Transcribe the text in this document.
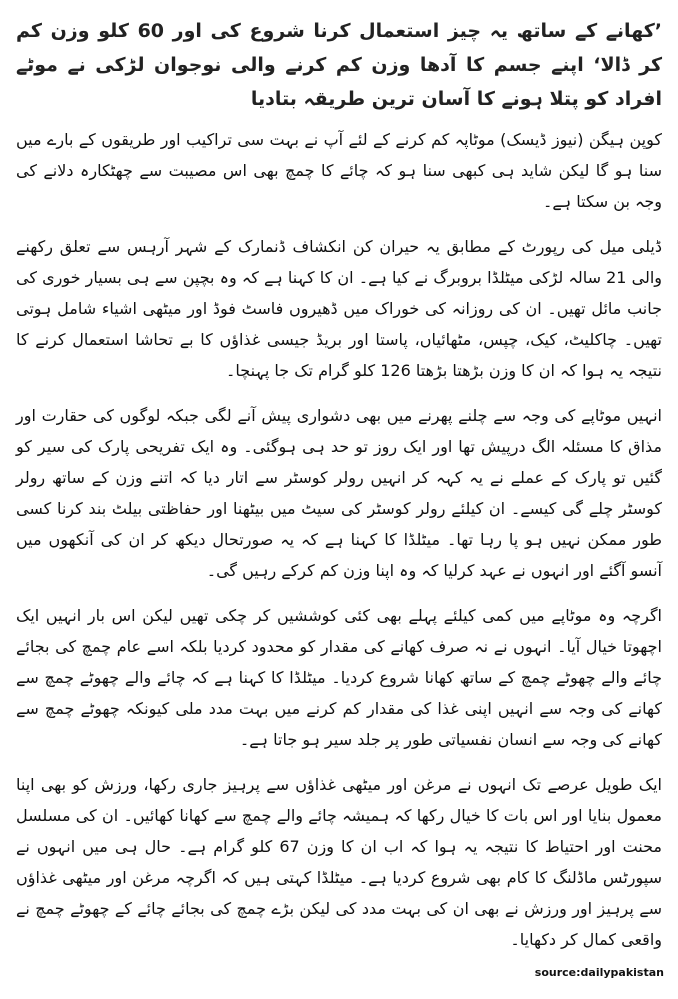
’کھانے کے ساتھ یہ چیز استعمال کرنا شروع کی اور 60 کلو وزن کم کر ڈالا‘ اپنے جسم کا آدھا وزن کم کرنے والی نوجوان لڑکی نے موٹے افراد کو پتلا ہونے کا آسان ترین طریقہ بتادیا

کوپن ہیگن (نیوز ڈیسک) موٹاپہ کم کرنے کے لئے آپ نے بہت سی تراکیب اور طریقوں کے بارے میں سنا ہو گا لیکن شاید ہی کبھی سنا ہو کہ چائے کا چمچ بھی اس مصیبت سے چھٹکارہ دلانے کی وجہ بن سکتا ہے۔

ڈیلی میل کی رپورٹ کے مطابق یہ حیران کن انکشاف ڈنمارک کے شہر آرہس سے تعلق رکھنے والی 21 سالہ لڑکی میٹلڈا بروبرگ نے کیا ہے۔ ان کا کہنا ہے کہ وہ بچپن سے ہی بسیار خوری کی جانب مائل تھیں۔ ان کی روزانہ کی خوراک میں ڈھیروں فاسٹ فوڈ اور میٹھی اشیاء شامل ہوتی تھیں۔ چاکلیٹ، کیک، چپس، مٹھائیاں، پاستا اور بریڈ جیسی غذاؤں کا بے تحاشا استعمال کرنے کا نتیجہ یہ ہوا کہ ان کا وزن بڑھتا بڑھتا 126 کلو گرام تک جا پہنچا۔

انہیں موٹاپے کی وجہ سے چلنے پھرنے میں بھی دشواری پیش آنے لگی جبکہ لوگوں کی حقارت اور مذاق کا مسئلہ الگ درپیش تھا اور ایک روز تو حد ہی ہوگئی۔ وہ ایک تفریحی پارک کی سیر کو گئیں تو پارک کے عملے نے یہ کہہ کر انہیں رولر کوسٹر سے اتار دیا کہ اتنے وزن کے ساتھ رولر کوسٹر چلے گی کیسے۔ ان کیلئے رولر کوسٹر کی سیٹ میں بیٹھنا اور حفاظتی بیلٹ بند کرنا کسی طور ممکن نہیں ہو پا رہا تھا۔ میٹلڈا کا کہنا ہے کہ یہ صورتحال دیکھ کر ان کی آنکھوں میں آنسو آگئے اور انہوں نے عہد کرلیا کہ وہ اپنا وزن کم کرکے رہیں گی۔

اگرچہ وہ موٹاپے میں کمی کیلئے پہلے بھی کئی کوششیں کر چکی تھیں لیکن اس بار انہیں ایک اچھوتا خیال آیا۔ انہوں نے نہ صرف کھانے کی مقدار کو محدود کردیا بلکہ اسے عام چمچ کی بجائے چائے والے چھوٹے چمچ کے ساتھ کھانا شروع کردیا۔ میٹلڈا کا کہنا ہے کہ چائے والے چھوٹے چمچ سے کھانے کی وجہ سے انہیں اپنی غذا کی مقدار کم کرنے میں بہت مدد ملی کیونکہ چھوٹے چمچ سے کھانے کی وجہ سے انسان نفسیاتی طور پر جلد سیر ہو جاتا ہے۔

ایک طویل عرصے تک انہوں نے مرغن اور میٹھی غذاؤں سے پرہیز جاری رکھا، ورزش کو بھی اپنا معمول بنایا اور اس بات کا خیال رکھا کہ ہمیشہ چائے والے چمچ سے کھانا کھائیں۔ ان کی مسلسل محنت اور احتیاط کا نتیجہ یہ ہوا کہ اب ان کا وزن 67 کلو گرام ہے۔ حال ہی میں انہوں نے سپورٹس ماڈلنگ کا کام بھی شروع کردیا ہے۔ میٹلڈا کہتی ہیں کہ اگرچہ مرغن اور میٹھی غذاؤں سے پرہیز اور ورزش نے بھی ان کی بہت مدد کی لیکن بڑے چمچ کی بجائے چائے کے چھوٹے چمچ نے واقعی کمال کر دکھایا۔

source:dailypakistan
